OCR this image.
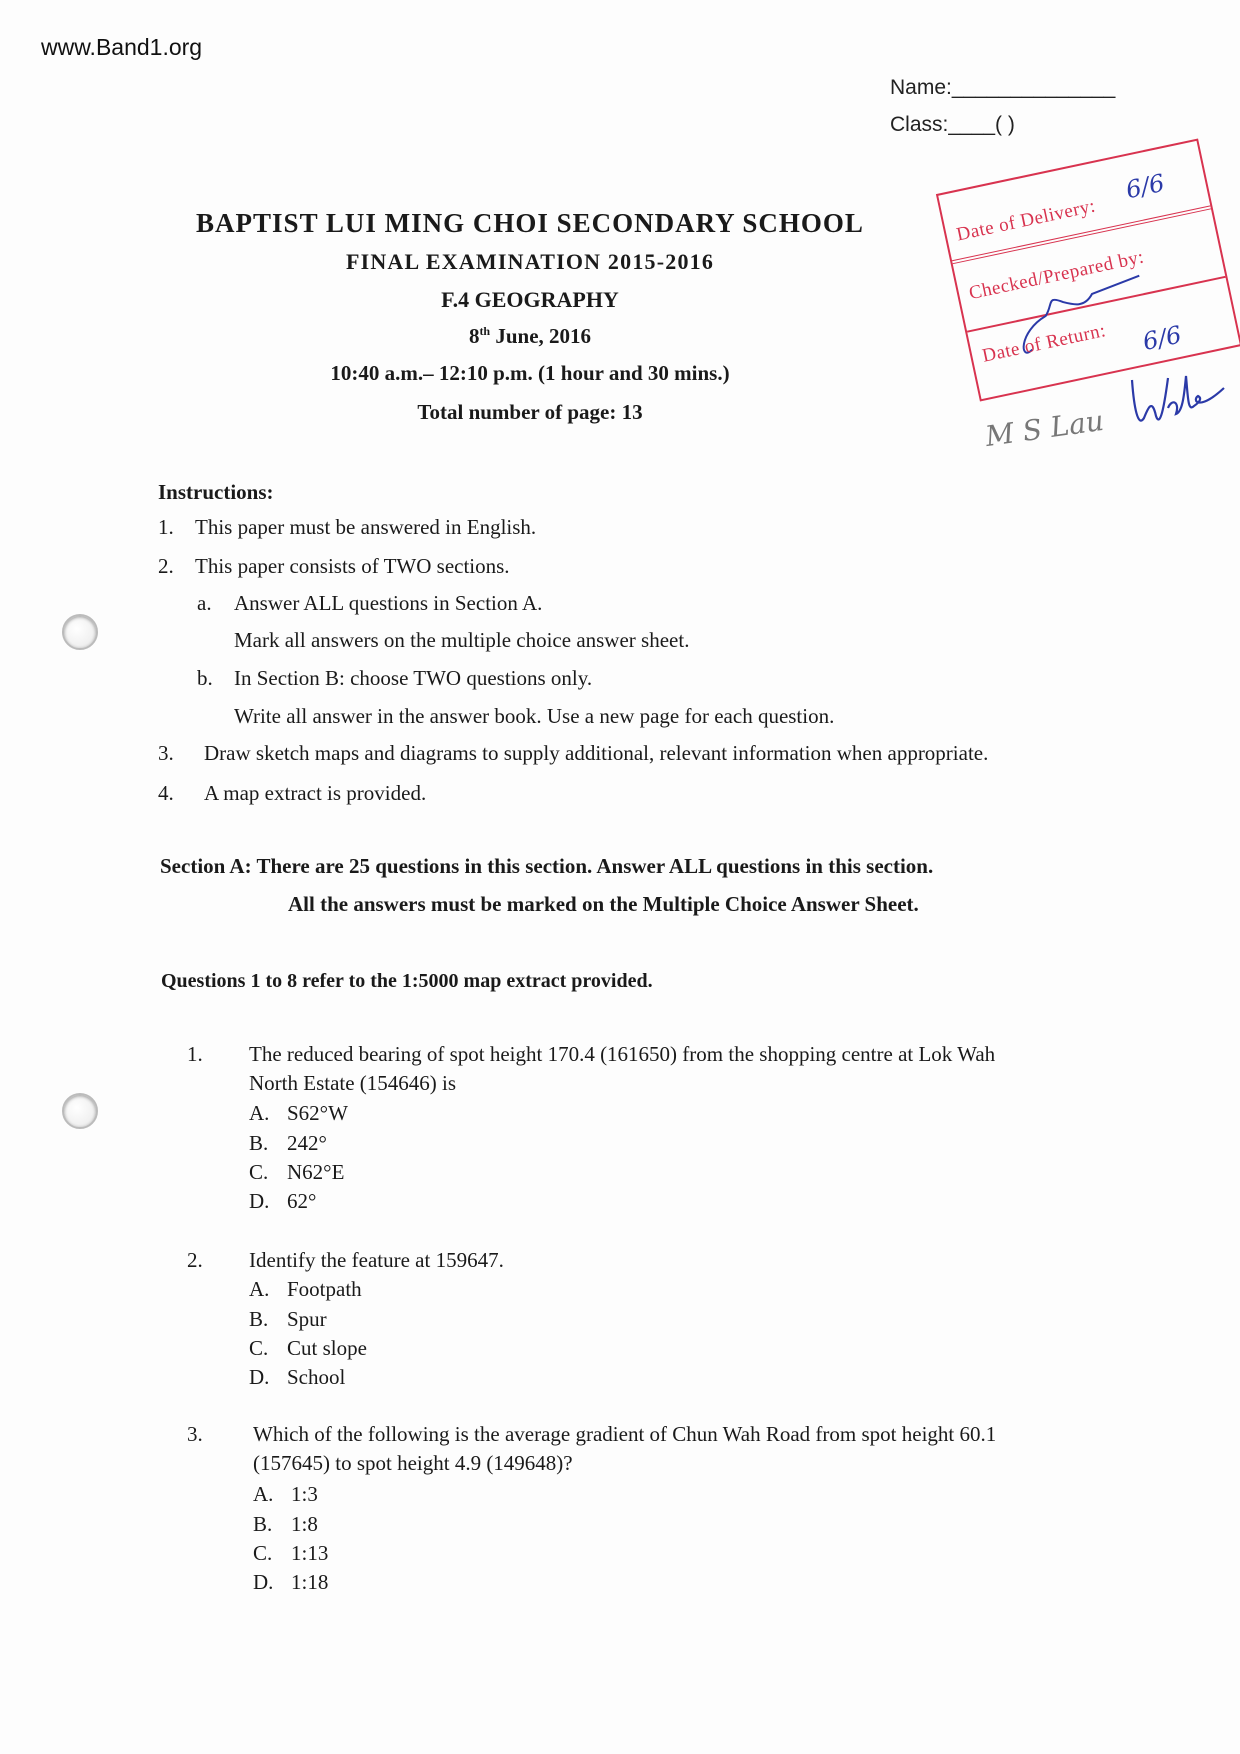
www.Band1.org
Name:______________
Class:____( )
BAPTIST LUI MING CHOI SECONDARY SCHOOL
FINAL EXAMINATION 2015-2016
F.4 GEOGRAPHY
8th June, 2016
10:40 a.m.– 12:10 p.m. (1 hour and 30 mins.)
Total number of page: 13
Date of Delivery:
6/6
Checked/Prepared by:
Date of Return: 6/6
M S Lau
Instructions:
1. This paper must be answered in English.
2. This paper consists of TWO sections.
a. Answer ALL questions in Section A.
Mark all answers on the multiple choice answer sheet.
b. In Section B: choose TWO questions only.
Write all answer in the answer book. Use a new page for each question.
3. Draw sketch maps and diagrams to supply additional, relevant information when appropriate.
4. A map extract is provided.
Section A: There are 25 questions in this section. Answer ALL questions in this section.
All the answers must be marked on the Multiple Choice Answer Sheet.
Questions 1 to 8 refer to the 1:5000 map extract provided.
1. The reduced bearing of spot height 170.4 (161650) from the shopping centre at Lok Wah
North Estate (154646) is
A. S62°W
B. 242°
C. N62°E
D. 62°
2. Identify the feature at 159647.
A. Footpath
B. Spur
C. Cut slope
D. School
3. Which of the following is the average gradient of Chun Wah Road from spot height 60.1
(157645) to spot height 4.9 (149648)?
A. 1:3
B. 1:8
C. 1:13
D. 1:18
